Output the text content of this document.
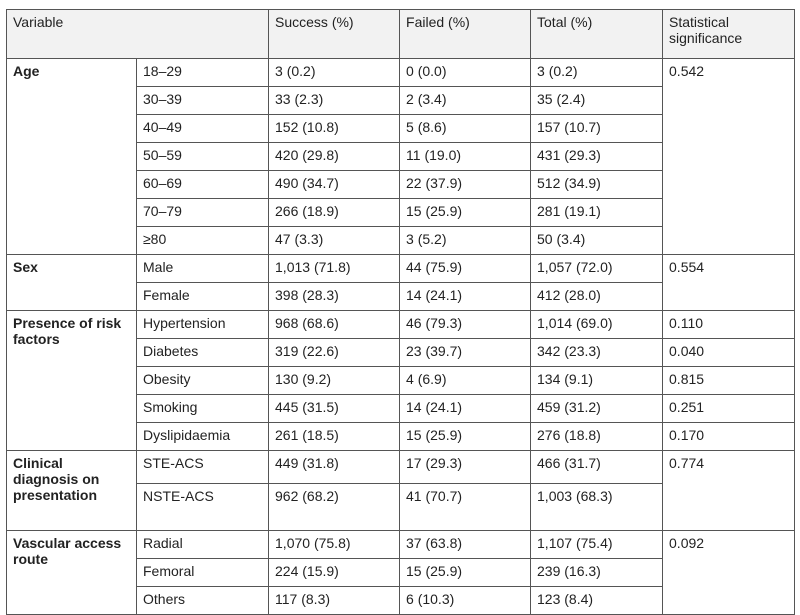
Variable		Success (%)	Failed (%)	Total (%)	Statistical significance
Age	18–29	3 (0.2)	0 (0.0)	3 (0.2)	0.542
	30–39	33 (2.3)	2 (3.4)	35 (2.4)	
	40–49	152 (10.8)	5 (8.6)	157 (10.7)	
	50–59	420 (29.8)	11 (19.0)	431 (29.3)	
	60–69	490 (34.7)	22 (37.9)	512 (34.9)	
	70–79	266 (18.9)	15 (25.9)	281 (19.1)	
	≥80	47 (3.3)	3 (5.2)	50 (3.4)	
Sex	Male	1,013 (71.8)	44 (75.9)	1,057 (72.0)	0.554
	Female	398 (28.3)	14 (24.1)	412 (28.0)	
Presence of risk factors	Hypertension	968 (68.6)	46 (79.3)	1,014 (69.0)	0.110
	Diabetes	319 (22.6)	23 (39.7)	342 (23.3)	0.040
	Obesity	130 (9.2)	4 (6.9)	134 (9.1)	0.815
	Smoking	445 (31.5)	14 (24.1)	459 (31.2)	0.251
	Dyslipidaemia	261 (18.5)	15 (25.9)	276 (18.8)	0.170
Clinical diagnosis on presentation	STE-ACS	449 (31.8)	17 (29.3)	466 (31.7)	0.774
	NSTE-ACS	962 (68.2)	41 (70.7)	1,003 (68.3)	
Vascular access route	Radial	1,070 (75.8)	37 (63.8)	1,107 (75.4)	0.092
	Femoral	224 (15.9)	15 (25.9)	239 (16.3)	
	Others	117 (8.3)	6 (10.3)	123 (8.4)	
